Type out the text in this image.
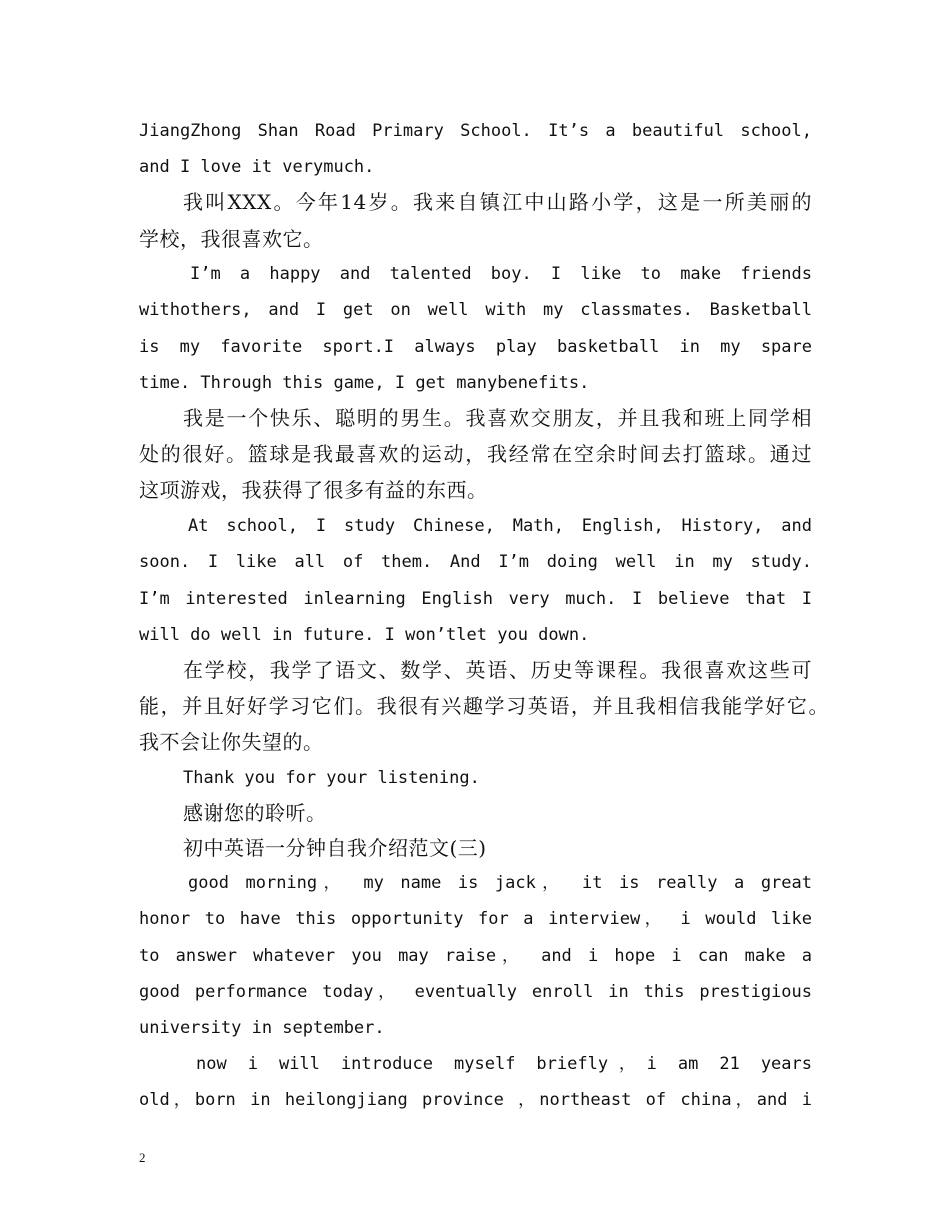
JiangZhong Shan Road Primary School. It’s a beautiful school,

and I love it verymuch.

我叫XXX。今年14岁。我来自镇江中山路小学，这是一所美丽的

学校，我很喜欢它。

I’m a happy and talented boy. I like to make friends

withothers, and I get on well with my classmates. Basketball

is my favorite sport.I always play basketball in my spare

time. Through this game, I get manybenefits.

我是一个快乐、聪明的男生。我喜欢交朋友，并且我和班上同学相

处的很好。篮球是我最喜欢的运动，我经常在空余时间去打篮球。通过

这项游戏，我获得了很多有益的东西。

At school, I study Chinese, Math, English, History, and

soon. I like all of them. And I’m doing well in my study.

I’m interested inlearning English very much. I believe that I

will do well in future. I won’tlet you down.

在学校，我学了语文、数学、英语、历史等课程。我很喜欢这些可

能，并且好好学习它们。我很有兴趣学习英语，并且我相信我能学好它。

我不会让你失望的。

Thank you for your listening.

感谢您的聆听。

初中英语一分钟自我介绍范文(三)

good morning， my name is jack， it is really a great

honor to have this opportunity for a interview， i would like

to answer whatever you may raise， and i hope i can make a

good performance today， eventually enroll in this prestigious

university in september.

now i will introduce myself briefly，i am 21 years

old，born in heilongjiang province ，northeast of china，and i

2
